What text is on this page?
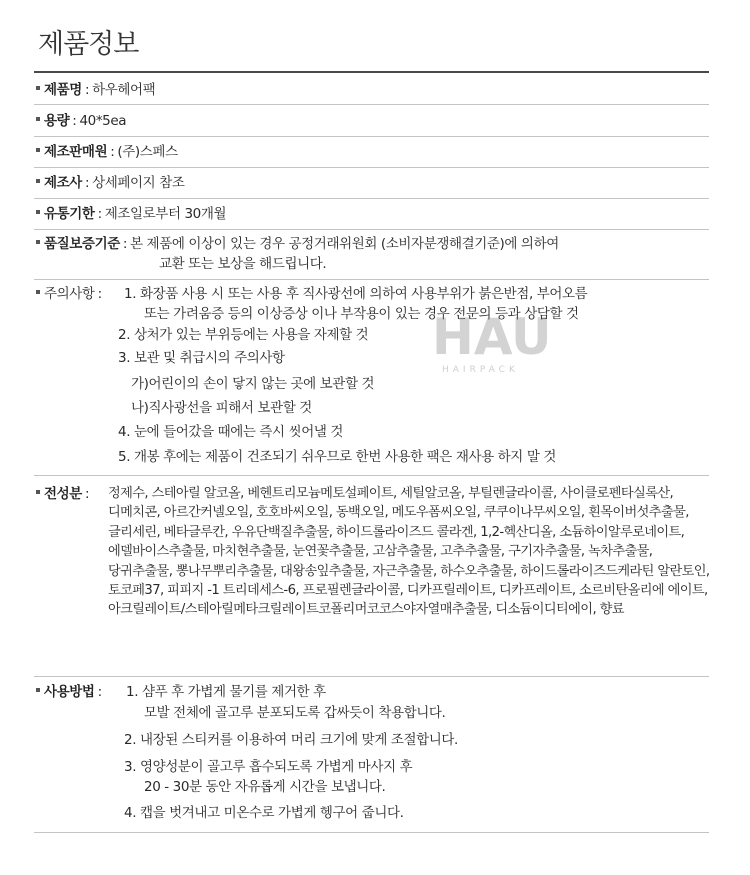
제품정보
제품명 : 하우헤어팩
용량 : 40*5ea
제조판매원 : (주)스페스
제조사 : 상세페이지 참조
유통기한 : 제조일로부터 30개월
품질보증기준 : 본 제품에 이상이 있는 경우 공정거래위원회 (소비자분쟁해결기준)에 의하여
교환 또는 보상을 해드립니다.
HAU
HAIRPACK
주의사항 : 1. 화장품 사용 시 또는 사용 후 직사광선에 의하여 사용부위가 붉은반점, 부어오름
또는 가려움증 등의 이상증상 이나 부작용이 있는 경우 전문의 등과 상담할 것
2. 상처가 있는 부위등에는 사용을 자제할 것
3. 보관 및 취급시의 주의사항
가)어린이의 손이 닿지 않는 곳에 보관할 것
나)직사광선을 피해서 보관할 것
4. 눈에 들어갔을 때에는 즉시 씻어낼 것
5. 개봉 후에는 제품이 건조되기 쉬우므로 한번 사용한 팩은 재사용 하지 말 것
전성분 :	정제수, 스테아릴 알코올, 베헨트리모늄메토설페이트, 세틸알코올, 부틸렌글라이콜, 사이클로펜타실록산, 디메치콘, 아르간커넬오일, 호호바씨오일, 동백오일, 메도우폼씨오일, 쿠쿠이나무씨오일, 흰목이버섯추출물, 글리세린, 베타글루칸, 우유단백질추출물, 하이드롤라이즈드 콜라겐, 1,2-헥산디올, 소듐하이알루로네이트, 에델바이스추출물, 마치현추출물, 눈연꽃추출물, 고삼추출물, 고추추출물, 구기자추출물, 녹차추출물, 당귀추출물, 뽕나무뿌리추출물, 대왕송잎추출물, 자근추출물, 하수오추출물, 하이드롤라이즈드케라틴 알란토인, 토코페37, 피피지 -1 트리데세스-6, 프로필렌글라이콜, 디카프릴레이트, 디카프레이트, 소르비탄올리에 에이트, 아크릴레이트/스테아릴메타크릴레이트코폴리머코코스야자열매추출물, 디소듐이디티에이, 향료
사용방법 : 1. 샴푸 후 가볍게 물기를 제거한 후
모발 전체에 골고루 분포되도록 갑싸듯이 착용합니다.
2. 내장된 스티커를 이용하여 머리 크기에 맞게 조절합니다.
3. 영양성분이 골고루 흡수되도록 가볍게 마사지 후
20 - 30분 동안 자유롭게 시간을 보냅니다.
4. 캡을 벗겨내고 미온수로 가볍게 헹구어 줍니다.
